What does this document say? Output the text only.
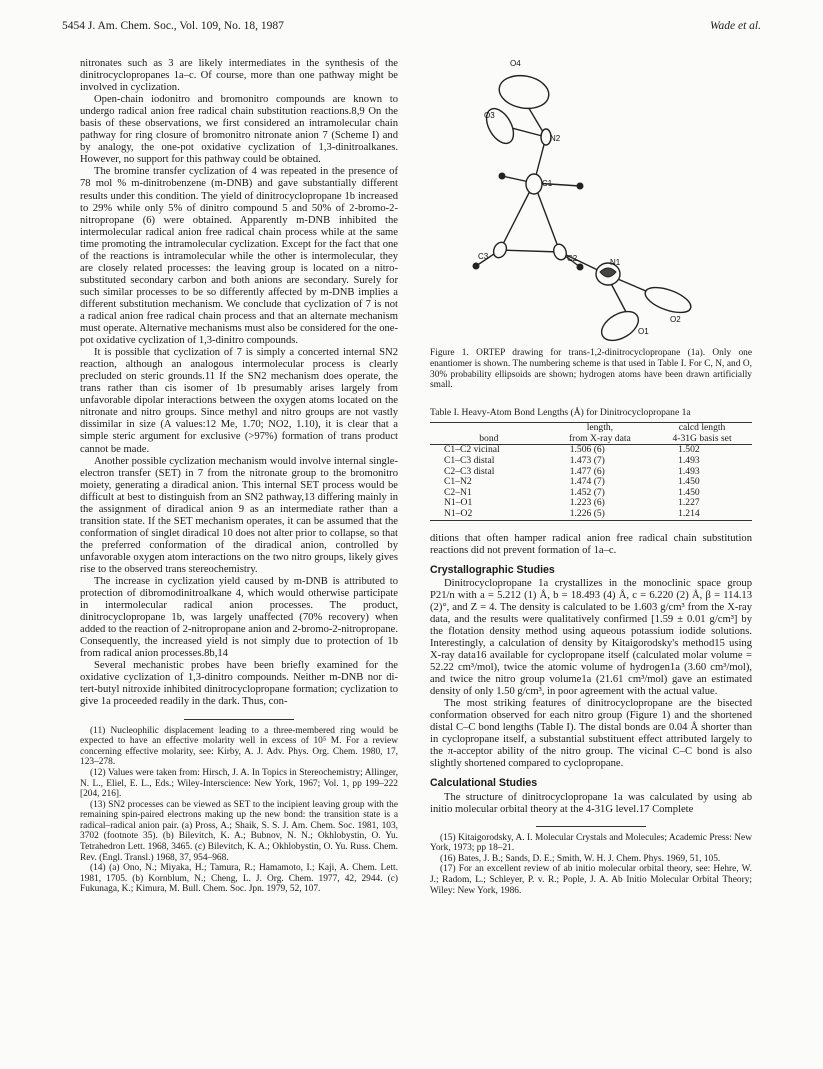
5454 J. Am. Chem. Soc., Vol. 109, No. 18, 1987	Wade et al.

nitronates such as 3 are likely intermediates in the synthesis of the dinitrocyclopropanes 1a–c. Of course, more than one pathway might be involved in cyclization.

Open-chain iodonitro and bromonitro compounds are known to undergo radical anion free radical chain substitution reactions.8,9 On the basis of these observations, we first considered an intramolecular chain pathway for ring closure of bromonitro nitronate anion 7 (Scheme I) and by analogy, the one-pot oxidative cyclization of 1,3-dinitroalkanes. However, no support for this pathway could be obtained.

The bromine transfer cyclization of 4 was repeated in the presence of 78 mol % m-dinitrobenzene (m-DNB) and gave substantially different results under this condition. The yield of dinitrocyclopropane 1b increased to 29% while only 5% of dinitro compound 5 and 50% of 2-bromo-2-nitropropane (6) were obtained. Apparently m-DNB inhibited the intermolecular radical anion free radical chain process while at the same time promoting the intramolecular cyclization. Except for the fact that one of the reactions is intramolecular while the other is intermolecular, they are closely related processes: the leaving group is located on a nitro-substituted secondary carbon and both anions are secondary. Surely for such similar processes to be so differently affected by m-DNB implies a different substitution mechanism. We conclude that cyclization of 7 is not a radical anion free radical chain process and that an alternate mechanism must operate. Alternative mechanisms must also be considered for the one-pot oxidative cyclization of 1,3-dinitro compounds.

It is possible that cyclization of 7 is simply a concerted internal SN2 reaction, although an analogous intermolecular process is clearly precluded on steric grounds.11 If the SN2 mechanism does operate, the trans rather than cis isomer of 1b presumably arises largely from unfavorable dipolar interactions between the oxygen atoms located on the nitronate and nitro groups. Since methyl and nitro groups are not vastly dissimilar in size (A values:12 Me, 1.70; NO2, 1.10), it is clear that a simple steric argument for exclusive (>97%) formation of trans product cannot be made.

Another possible cyclization mechanism would involve internal single-electron transfer (SET) in 7 from the nitronate group to the bromonitro moiety, generating a diradical anion. This internal SET process would be difficult at best to distinguish from an SN2 pathway,13 differing mainly in the assignment of diradical anion 9 as an intermediate rather than a transition state. If the SET mechanism operates, it can be assumed that the conformation of singlet diradical 10 does not alter prior to collapse, so that the preferred conformation of the diradical anion, controlled by unfavorable oxygen atom interactions on the two nitro groups, likely gives rise to the observed trans stereochemistry.

The increase in cyclization yield caused by m-DNB is attributed to protection of dibromodinitroalkane 4, which would otherwise participate in intermolecular radical anion processes. The product, dinitrocyclopropane 1b, was largely unaffected (70% recovery) when added to the reaction of 2-nitropropane anion and 2-bromo-2-nitropropane. Consequently, the increased yield is not simply due to protection of 1b from radical anion processes.8b,14

Several mechanistic probes have been briefly examined for the oxidative cyclization of 1,3-dinitro compounds. Neither m-DNB nor di-tert-butyl nitroxide inhibited dinitrocyclopropane formation; cyclization to give 1a proceeded readily in the dark. Thus, con-

(11) Nucleophilic displacement leading to a three-membered ring would be expected to have an effective molarity well in excess of 10⁵ M. For a review concerning effective molarity, see: Kirby, A. J. Adv. Phys. Org. Chem. 1980, 17, 123–278.

(12) Values were taken from: Hirsch, J. A. In Topics in Stereochemistry; Allinger, N. L., Eliel, E. L., Eds.; Wiley-Interscience: New York, 1967; Vol. 1, pp 199–222 [204, 216].

(13) SN2 processes can be viewed as SET to the incipient leaving group with the remaining spin-paired electrons making up the new bond: the transition state is a radical–radical anion pair. (a) Pross, A.; Shaik, S. S. J. Am. Chem. Soc. 1981, 103, 3702 (footnote 35). (b) Bilevitch, K. A.; Bubnov, N. N.; Okhlobystin, O. Yu. Tetrahedron Lett. 1968, 3465. (c) Bilevitch, K. A.; Okhlobystin, O. Yu. Russ. Chem. Rev. (Engl. Transl.) 1968, 37, 954–968.

(14) (a) Ono, N.; Miyaka, H.; Tamura, R.; Hamamoto, I.; Kaji, A. Chem. Lett. 1981, 1705. (b) Kornblum, N.; Cheng, L. J. Org. Chem. 1977, 42, 2944. (c) Fukunaga, K.; Kimura, M. Bull. Chem. Soc. Jpn. 1979, 52, 107.

O4
O3
N2
C1
C3	C2	N1
O2
O1
Figure 1. ORTEP drawing for trans-1,2-dinitrocyclopropane (1a). Only one enantiomer is shown. The numbering scheme is that used in Table I. For C, N, and O, 30% probability ellipsoids are shown; hydrogen atoms have been drawn artificially small.
Table I. Heavy-Atom Bond Lengths (Å) for Dinitrocyclopropane 1a
	length,	calcd length
bond	from X-ray data	4-31G basis set
C1–C2 vicinal	1.506 (6)	1.502
C1–C3 distal	1.473 (7)	1.493
C2–C3 distal	1.477 (6)	1.493
C1–N2	1.474 (7)	1.450
C2–N1	1.452 (7)	1.450
N1–O1	1.223 (6)	1.227
N1–O2	1.226 (5)	1.214

ditions that often hamper radical anion free radical chain substitution reactions did not prevent formation of 1a–c.

Crystallographic Studies

Dinitrocyclopropane 1a crystallizes in the monoclinic space group P21/n with a = 5.212 (1) Å, b = 18.493 (4) Å, c = 6.220 (2) Å, β = 114.13 (2)°, and Z = 4. The density is calculated to be 1.603 g/cm³ from the X-ray data, and the results were qualitatively confirmed [1.59 ± 0.01 g/cm³] by the flotation density method using aqueous potassium iodide solutions. Interestingly, a calculation of density by Kitaigorodsky's method15 using X-ray data16 available for cyclopropane itself (calculated molar volume = 52.22 cm³/mol), twice the atomic volume of hydrogen1a (3.60 cm³/mol), and twice the nitro group volume1a (21.61 cm³/mol) gave an estimated density of only 1.50 g/cm³, in poor agreement with the actual value.

The most striking features of dinitrocyclopropane are the bisected conformation observed for each nitro group (Figure 1) and the shortened distal C–C bond lengths (Table I). The distal bonds are 0.04 Å shorter than in cyclopropane itself, a substantial substituent effect attributed largely to the π-acceptor ability of the nitro group. The vicinal C–C bond is also slightly shortened compared to cyclopropane.

Calculational Studies

The structure of dinitrocyclopropane 1a was calculated by using ab initio molecular orbital theory at the 4-31G level.17 Complete

(15) Kitaigorodsky, A. I. Molecular Crystals and Molecules; Academic Press: New York, 1973; pp 18–21.

(16) Bates, J. B.; Sands, D. E.; Smith, W. H. J. Chem. Phys. 1969, 51, 105.

(17) For an excellent review of ab initio molecular orbital theory, see: Hehre, W. J.; Radom, L.; Schleyer, P. v. R.; Pople, J. A. Ab Initio Molecular Orbital Theory; Wiley: New York, 1986.
